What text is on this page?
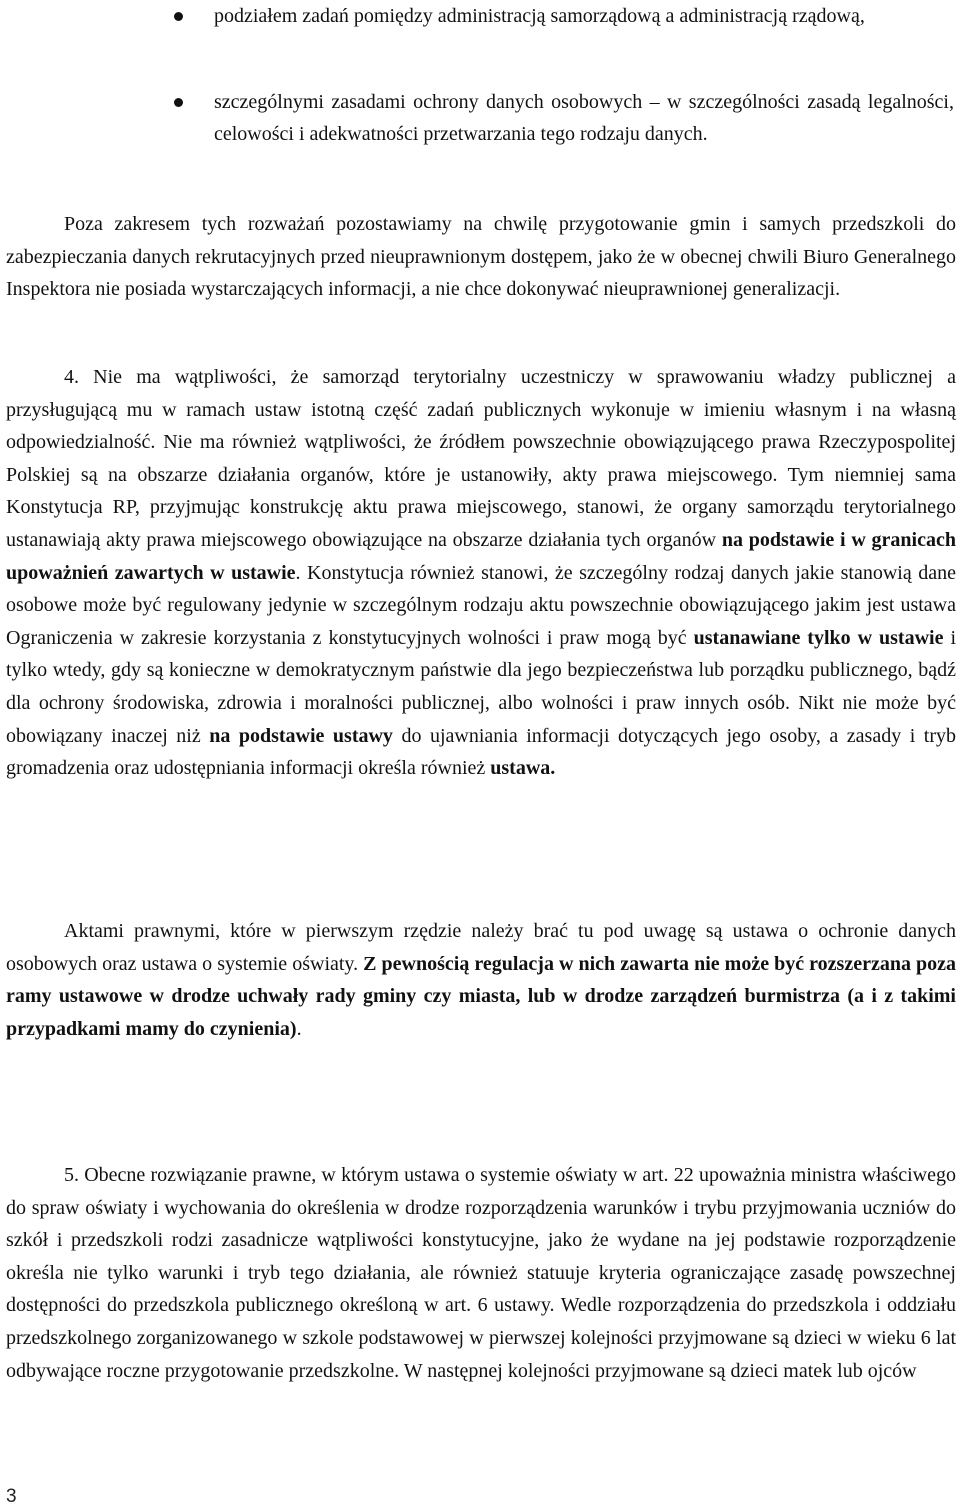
podziałem zadań pomiędzy administracją samorządową a administracją rządową,
szczególnymi zasadami ochrony danych osobowych – w szczególności zasadą legalności, celowości i adekwatności przetwarzania tego rodzaju danych.

Poza zakresem tych rozważań pozostawiamy na chwilę przygotowanie gmin i samych przedszkoli do zabezpieczania danych rekrutacyjnych przed nieuprawnionym dostępem, jako że w obecnej chwili Biuro Generalnego Inspektora nie posiada wystarczających informacji, a nie chce dokonywać nieuprawnionej generalizacji.

4. Nie ma wątpliwości, że samorząd terytorialny uczestniczy w sprawowaniu władzy publicznej a przysługującą mu w ramach ustaw istotną część zadań publicznych wykonuje w imieniu własnym i na własną odpowiedzialność. Nie ma również wątpliwości, że źródłem powszechnie obowiązującego prawa Rzeczypospolitej Polskiej są na obszarze działania organów, które je ustanowiły, akty prawa miejscowego. Tym niemniej sama Konstytucja RP, przyjmując konstrukcję aktu prawa miejscowego, stanowi, że organy samorządu terytorialnego ustanawiają akty prawa miejscowego obowiązujące na obszarze działania tych organów na podstawie i w granicach upoważnień zawartych w ustawie. Konstytucja również stanowi, że szczególny rodzaj danych jakie stanowią dane osobowe może być regulowany jedynie w szczególnym rodzaju aktu powszechnie obowiązującego jakim jest ustawa Ograniczenia w zakresie korzystania z konstytucyjnych wolności i praw mogą być ustanawiane tylko w ustawie i tylko wtedy, gdy są konieczne w demokratycznym państwie dla jego bezpieczeństwa lub porządku publicznego, bądź dla ochrony środowiska, zdrowia i moralności publicznej, albo wolności i praw innych osób. Nikt nie może być obowiązany inaczej niż na podstawie ustawy do ujawniania informacji dotyczących jego osoby, a zasady i tryb gromadzenia oraz udostępniania informacji określa również ustawa.

Aktami prawnymi, które w pierwszym rzędzie należy brać tu pod uwagę są ustawa o ochronie danych osobowych oraz ustawa o systemie oświaty. Z pewnością regulacja w nich zawarta nie może być rozszerzana poza ramy ustawowe w drodze uchwały rady gminy czy miasta, lub w drodze zarządzeń burmistrza (a i z takimi przypadkami mamy do czynienia).

5. Obecne rozwiązanie prawne, w którym ustawa o systemie oświaty w art. 22 upoważnia ministra właściwego do spraw oświaty i wychowania do określenia w drodze rozporządzenia warunków i trybu przyjmowania uczniów do szkół i przedszkoli rodzi zasadnicze wątpliwości konstytucyjne, jako że wydane na jej podstawie rozporządzenie określa nie tylko warunki i tryb tego działania, ale również statuuje kryteria ograniczające zasadę powszechnej dostępności do przedszkola publicznego określoną w art. 6 ustawy. Wedle rozporządzenia do przedszkola i oddziału przedszkolnego zorganizowanego w szkole podstawowej w pierwszej kolejności przyjmowane są dzieci w wieku 6 lat odbywające roczne przygotowanie przedszkolne. W następnej kolejności przyjmowane są dzieci matek lub ojców

3
